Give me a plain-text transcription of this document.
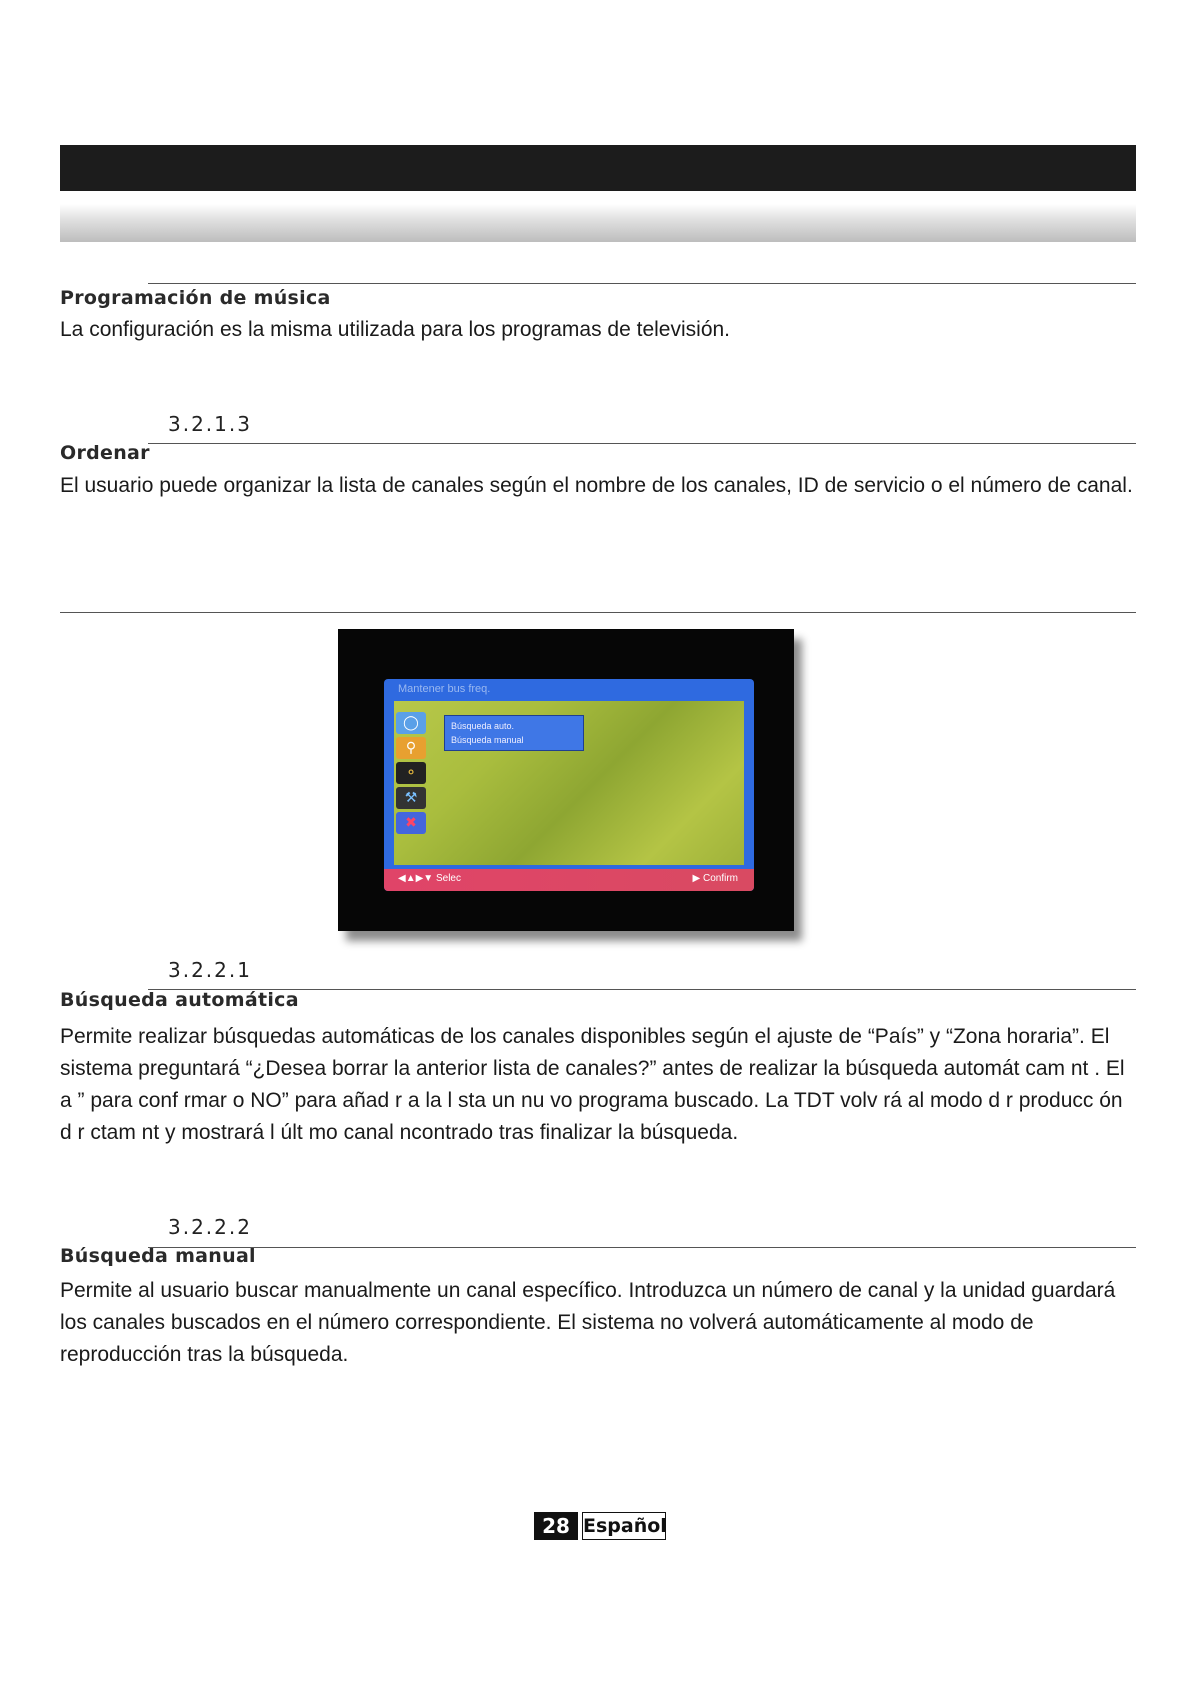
Programación de música
La configuración es la misma utilizada para los programas de televisión.
3.2.1.3
Ordenar
El usuario puede organizar la lista de canales según el nombre de los canales, ID de servicio o el número de canal.
Mantener bus freq.
◯
⚲
⚬
⚒
✖
Búsqueda auto.
Búsqueda manual
◀▲▶▼ Selec	▶ Confirm
3.2.2.1
Búsqueda automática
Permite realizar búsquedas automáticas de los canales disponibles según el ajuste de “País” y “Zona horaria”. El sistema preguntará “¿Desea borrar la anterior lista de canales?” antes de realizar la búsqueda automát cam nt . El a ” para conf rmar o NO” para añad r a la l sta un nu vo programa buscado. La TDT volv rá al modo d r producc ón d r ctam nt y mostrará l últ mo canal ncontrado tras finalizar la búsqueda.
3.2.2.2
Búsqueda manual
Permite al usuario buscar manualmente un canal específico. Introduzca un número de canal y la unidad guardará los canales buscados en el número correspondiente. El sistema no volverá automáticamente al modo de reproducción tras la búsqueda.
28 Español
